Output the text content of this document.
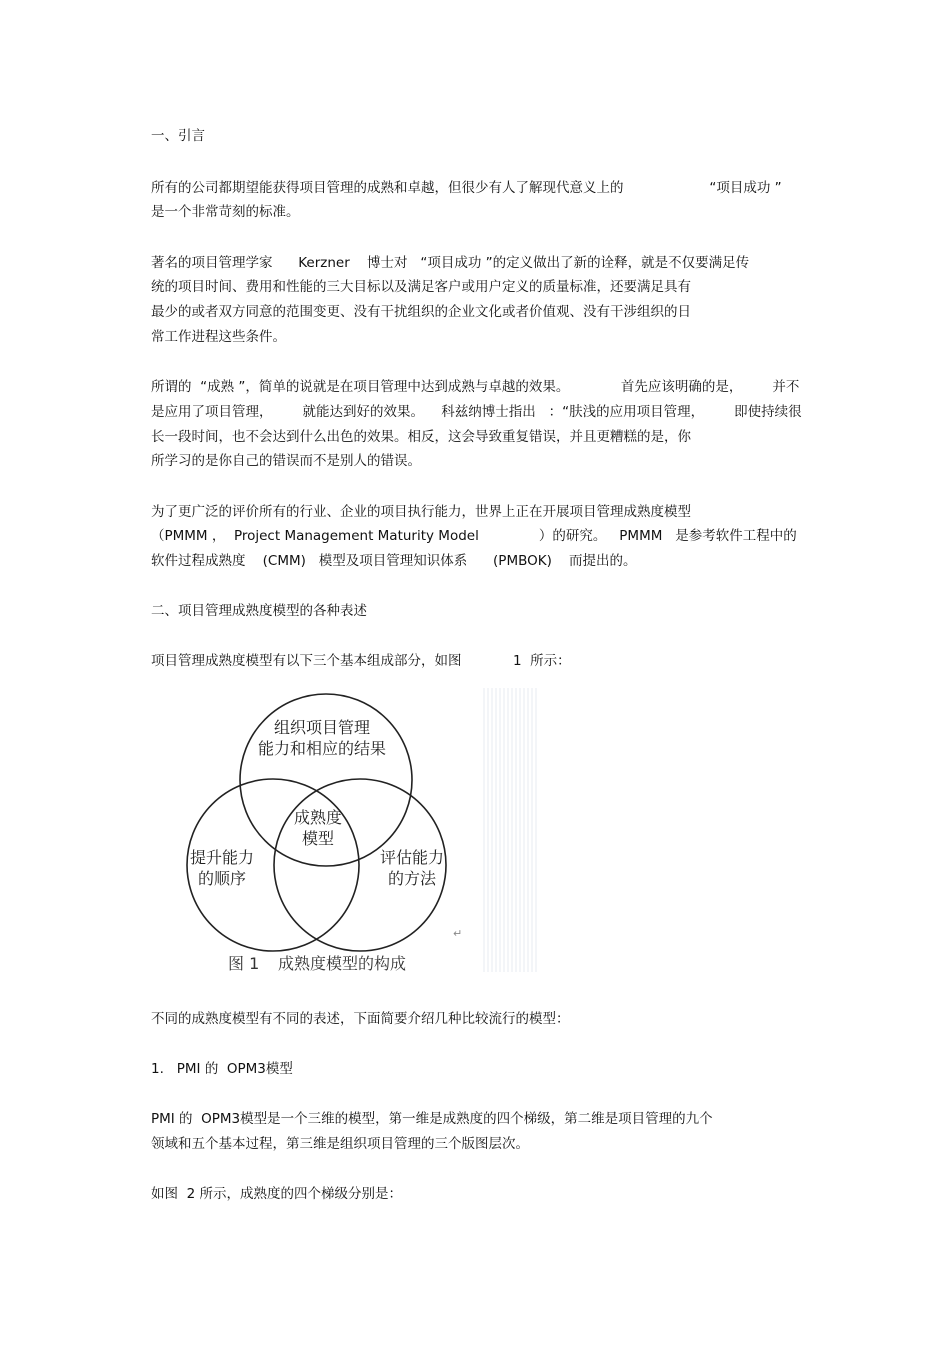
一、引言
所有的公司都期望能获得项目管理的成熟和卓越，但很少有人了解现代意义上的                    “项目成功 ”
是一个非常苛刻的标准。
著名的项目管理学家      Kerzner    博士对   “项目成功 ”的定义做出了新的诠释，就是不仅要满足传
统的项目时间、费用和性能的三大目标以及满足客户或用户定义的质量标准，还要满足具有
最少的或者双方同意的范围变更、没有干扰组织的企业文化或者价值观、没有干涉组织的日
常工作进程这些条件。
所谓的  “成熟 ”，简单的说就是在项目管理中达到成熟与卓越的效果。            首先应该明确的是，       并不
是应用了项目管理，       就能达到好的效果。    科兹纳博士指出   ：“肤浅的应用项目管理，       即使持续很
长一段时间，也不会达到什么出色的效果。相反，这会导致重复错误，并且更糟糕的是，你
所学习的是你自己的错误而不是别人的错误。
为了更广泛的评价所有的行业、企业的项目执行能力，世界上正在开展项目管理成熟度模型
（PMMM ，  Project Management Maturity Model              ）的研究。   PMMM   是参考软件工程中的
软件过程成熟度    (CMM)   模型及项目管理知识体系      (PMBOK)    而提出的。
二、项目管理成熟度模型的各种表述
项目管理成熟度模型有以下三个基本组成部分，如图            1  所示：
组织项目管理
能力和相应的结果
成熟度
模型
提升能力
的顺序
评估能力
的方法
图 1 成熟度模型的构成
↵
不同的成熟度模型有不同的表述，下面简要介绍几种比较流行的模型：
1.   PMI 的  OPM3模型
PMI 的  OPM3模型是一个三维的模型，第一维是成熟度的四个梯级，第二维是项目管理的九个
领域和五个基本过程，第三维是组织项目管理的三个版图层次。
如图  2 所示，成熟度的四个梯级分别是：
